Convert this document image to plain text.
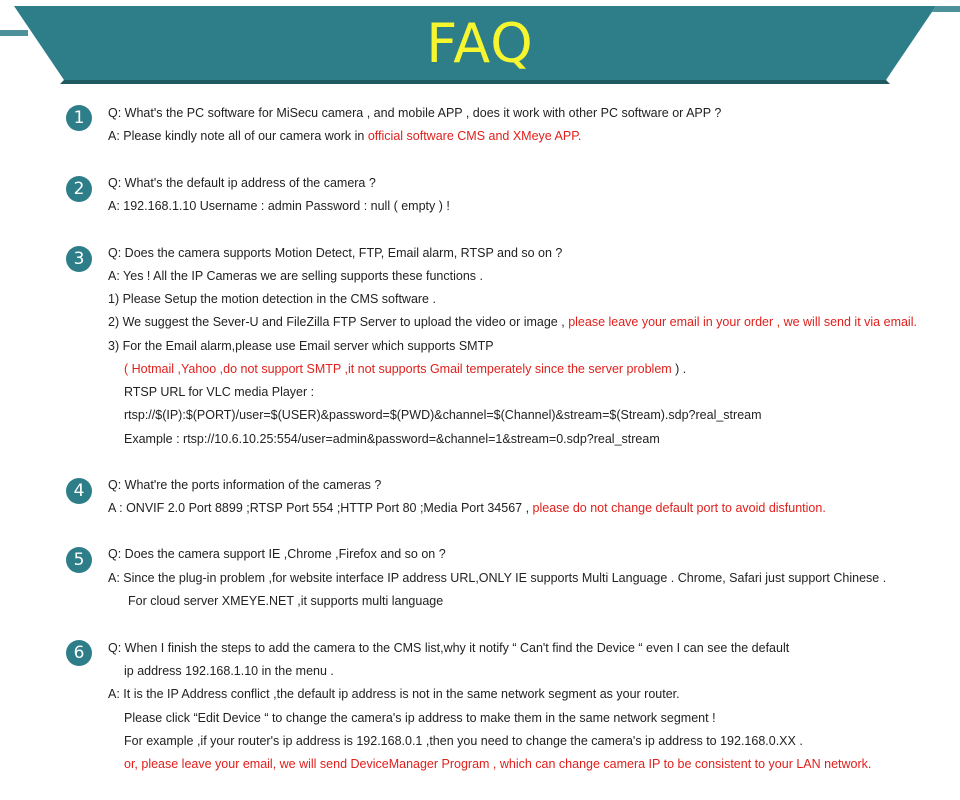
FAQ
1	Q: What's the PC software for MiSecu camera , and mobile APP , does it work with other PC software or APP ?
A: Please kindly note all of our camera work in official software CMS and XMeye APP.
2	Q: What's the default ip address of the camera ?
A: 192.168.1.10 Username : admin Password : null ( empty ) !
3	Q: Does the camera supports Motion Detect, FTP, Email alarm, RTSP and so on ?
A: Yes ! All the IP Cameras we are selling supports these functions .
1) Please Setup the motion detection in the CMS software .
2) We suggest the Sever-U and FileZilla FTP Server to upload the video or image , please leave your email in your order , we will send it via email.
3) For the Email alarm,please use Email server which supports SMTP
( Hotmail ,Yahoo ,do not support SMTP ,it not supports Gmail temperately since the server problem ) .
RTSP URL for VLC media Player :
rtsp://$(IP):$(PORT)/user=$(USER)&password=$(PWD)&channel=$(Channel)&stream=$(Stream).sdp?real_stream
Example : rtsp://10.6.10.25:554/user=admin&password=&channel=1&stream=0.sdp?real_stream
4	Q: What're the ports information of the cameras ?
A : ONVIF 2.0 Port 8899 ;RTSP Port 554 ;HTTP Port 80 ;Media Port 34567 , please do not change default port to avoid disfuntion.
5	Q: Does the camera support IE ,Chrome ,Firefox and so on ?
A: Since the plug-in problem ,for website interface IP address URL,ONLY IE supports Multi Language . Chrome, Safari just support Chinese .
For cloud server XMEYE.NET ,it supports multi language
6	Q: When I finish the steps to add the camera to the CMS list,why it notify “ Can't find the Device “ even I can see the default
ip address 192.168.1.10 in the menu .
A: It is the IP Address conflict ,the default ip address is not in the same network segment as your router.
Please click “Edit Device “ to change the camera's ip address to make them in the same network segment !
For example ,if your router's ip address is 192.168.0.1 ,then you need to change the camera's ip address to 192.168.0.XX .
or, please leave your email, we will send DeviceManager Program , which can change camera IP to be consistent to your LAN network.
